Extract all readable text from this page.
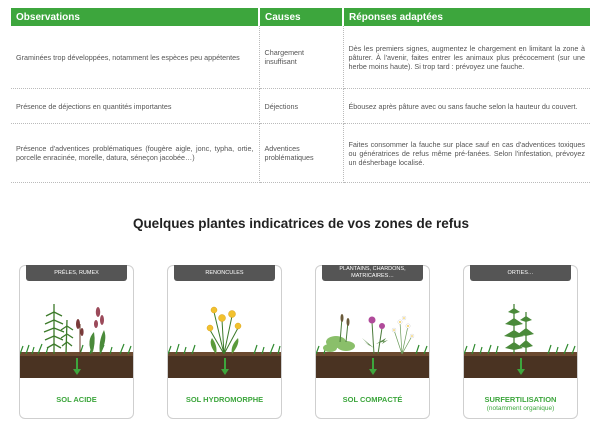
Observations	Causes	Réponses adaptées
Graminées trop développées, notamment les espèces peu appétentes	Chargement insuffisant	Dès les premiers signes, augmentez le chargement en limitant la zone à pâturer. À l'avenir, faites entrer les animaux plus précocement (sur une herbe moins haute). Si trop tard : prévoyez une fauche.
Présence de déjections en quantités importantes	Déjections	Ébousez après pâture avec ou sans fauche selon la hauteur du couvert.
Présence d'adventices problématiques (fougère aigle, jonc, typha, ortie, porcelle enracinée, morelle, datura, séneçon jacobée…)	Adventices problématiques	Faites consommer la fauche sur place sauf en cas d'adventices toxiques ou génératrices de refus même pré-fanées. Selon l'infestation, prévoyez un désherbage localisé.
Quelques plantes indicatrices de vos zones de refus
PRÊLES, RUMEX
SOL ACIDE
RENONCULES
SOL HYDROMORPHE
PLANTAINS, CHARDONS, MATRICAIRES…
SOL COMPACTÉ
ORTIES…
SURFERTILISATION
(notamment organique)
